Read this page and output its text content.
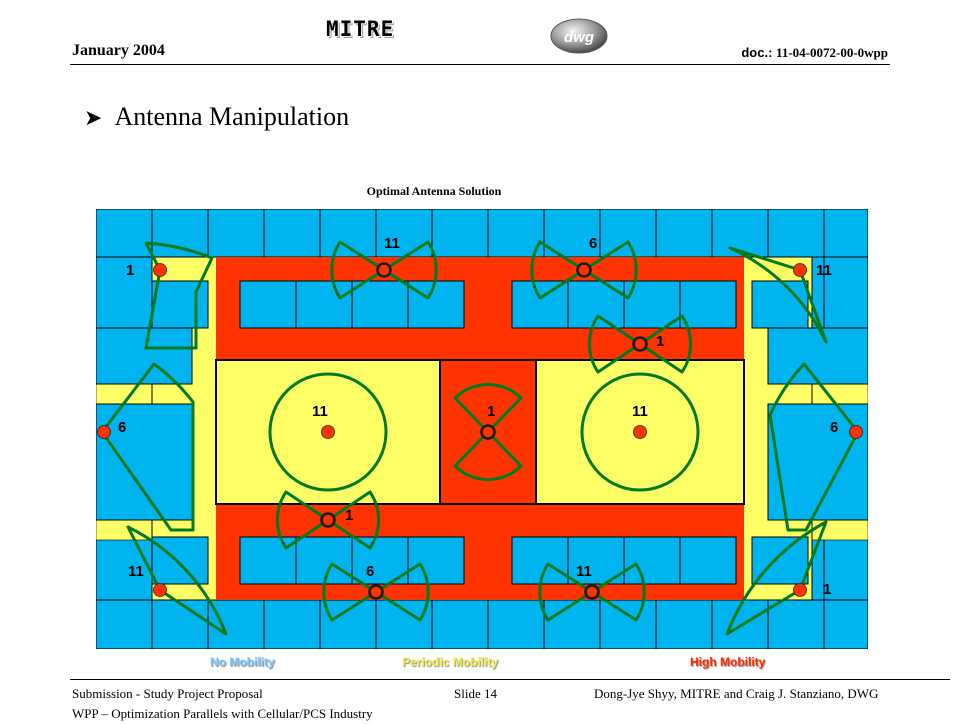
January 2004
MITRE	dwg
doc.: 11-04-0072-00-0wpp
➤ Antenna Manipulation
Optimal Antenna Solution
1
11	6
11
1
11	1	11
6	6
1
11	6	11
1
No Mobility	Periodic Mobility	High Mobility
Submission - Study Project Proposal
WPP – Optimization Parallels with Cellular/PCS Industry
Slide 14	Dong-Jye Shyy, MITRE and Craig J. Stanziano, DWG
